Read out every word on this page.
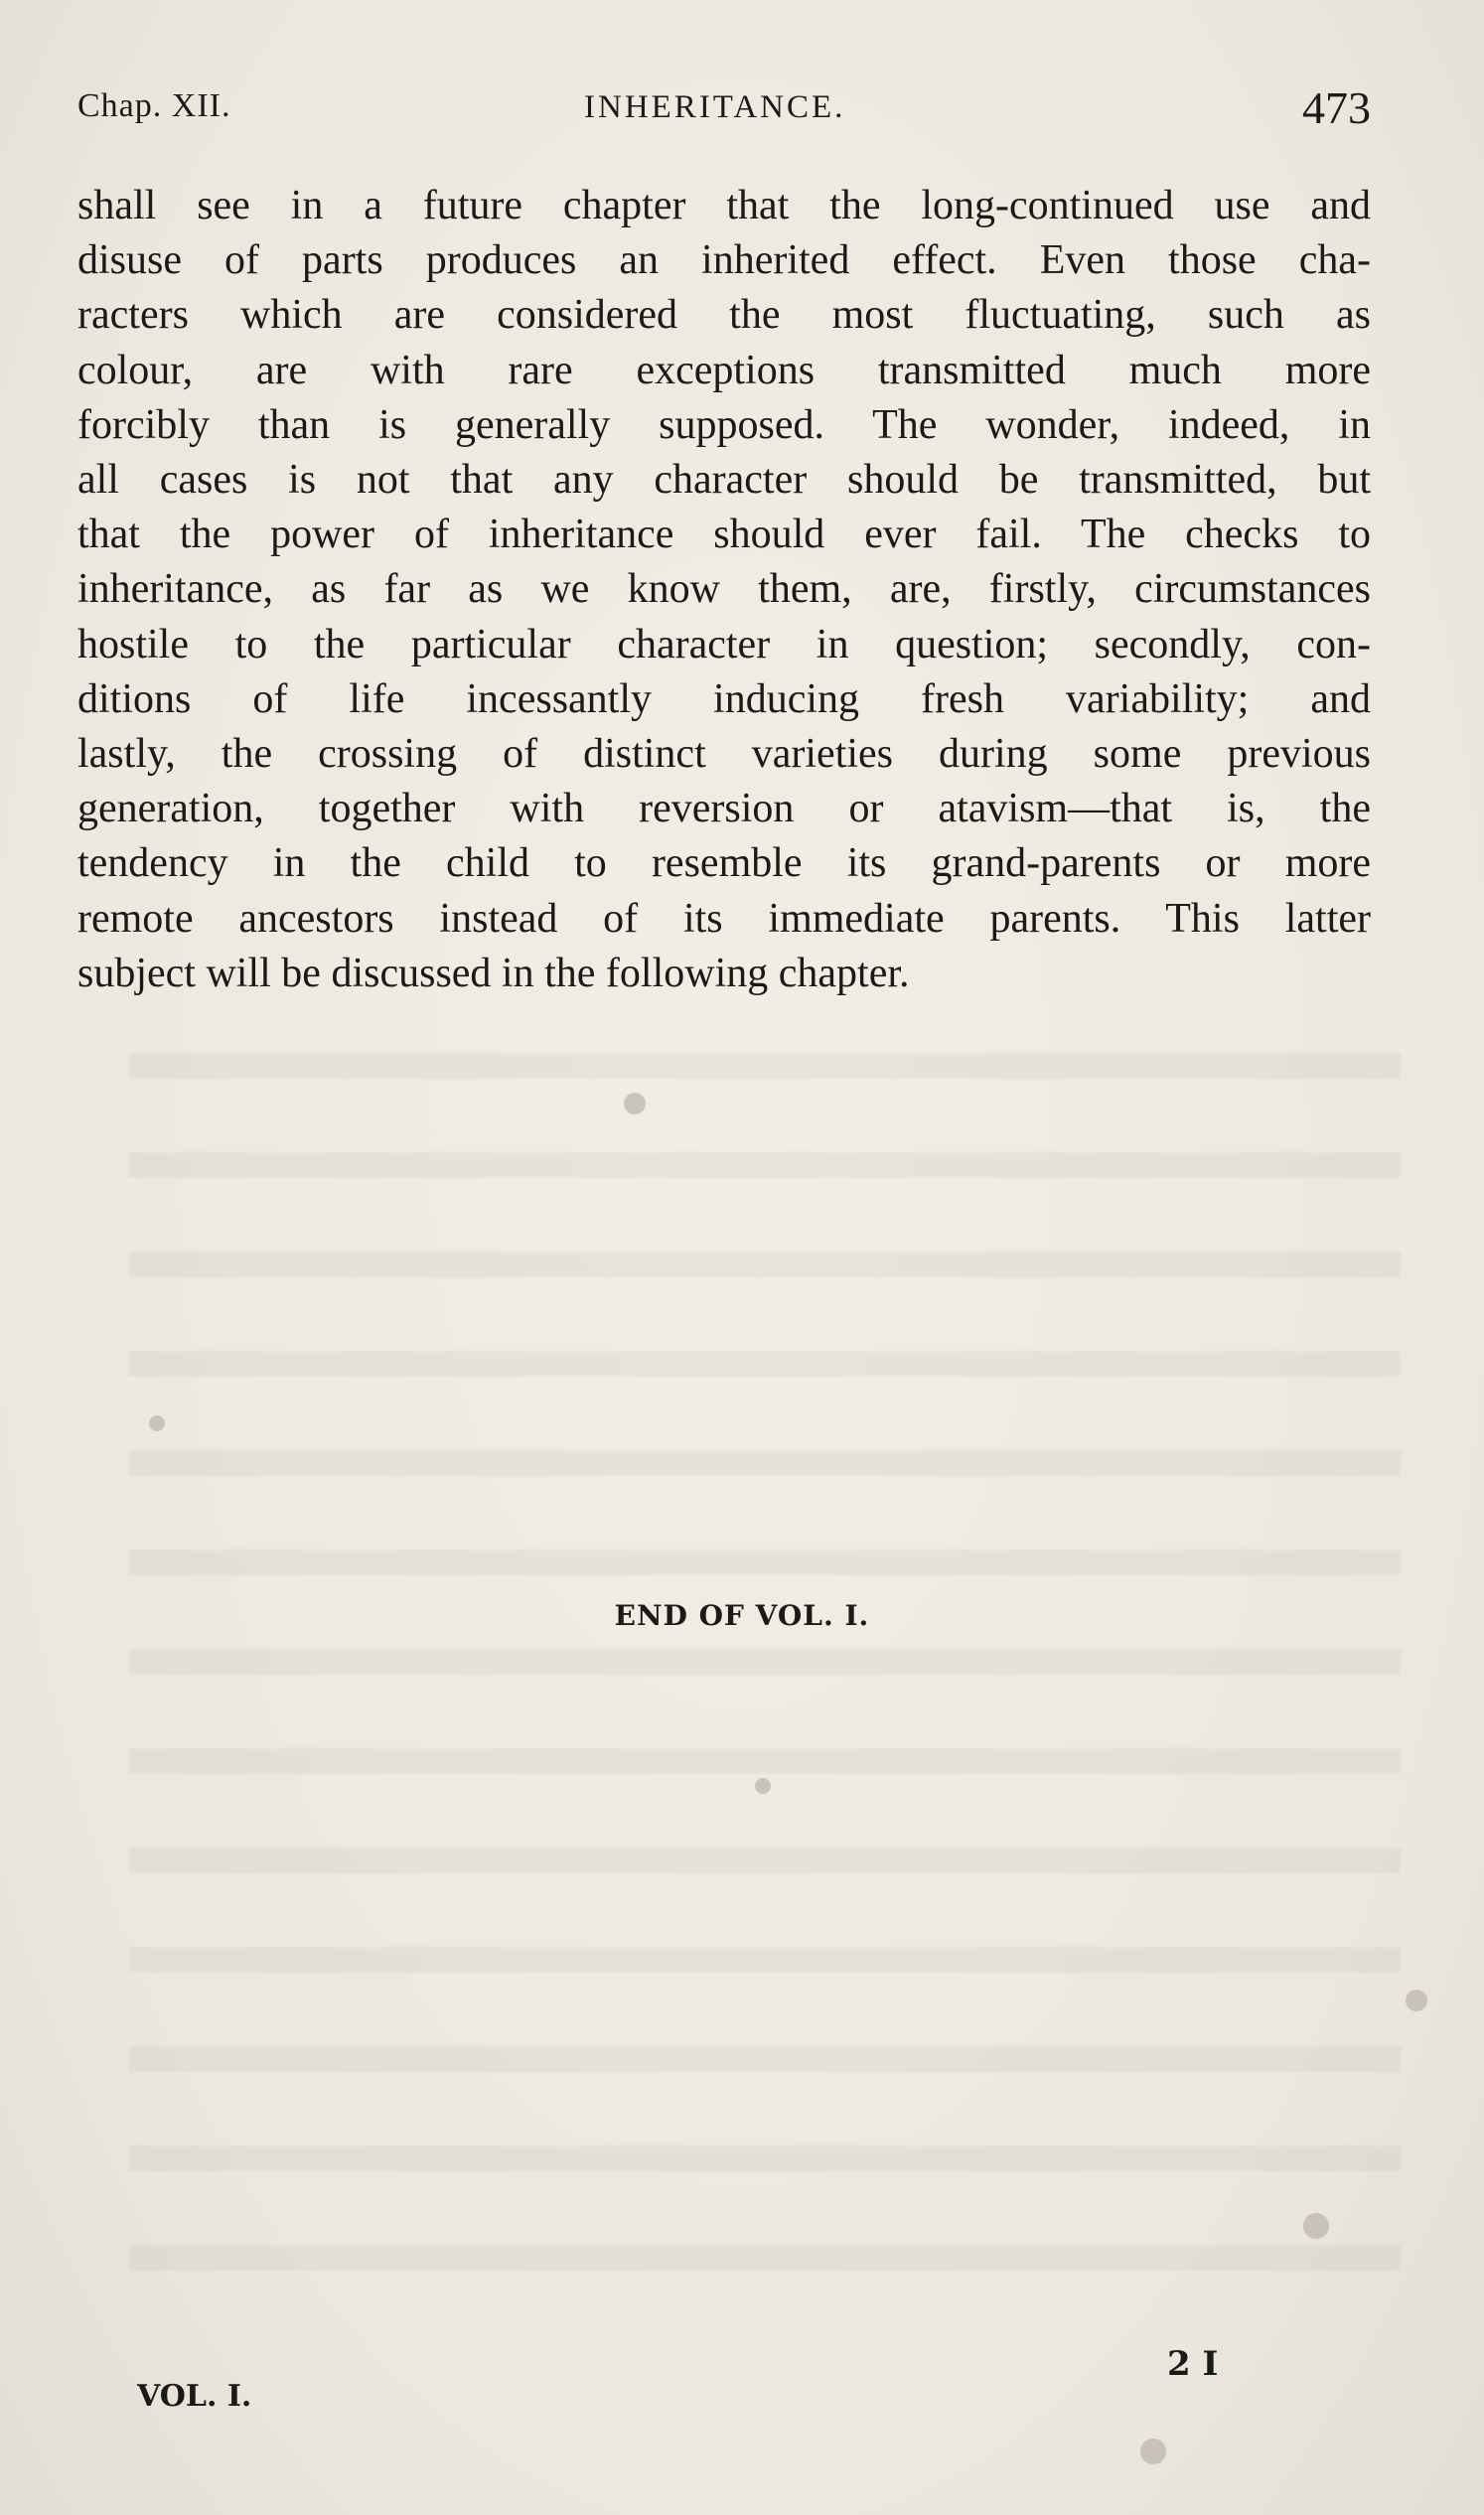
Chap. XII.	INHERITANCE.	473
shall see in a future chapter that the long-continued use and
disuse of parts produces an inherited effect. Even those cha-
racters which are considered the most fluctuating, such as
colour, are with rare exceptions transmitted much more
forcibly than is generally supposed. The wonder, indeed, in
all cases is not that any character should be transmitted, but
that the power of inheritance should ever fail. The checks to
inheritance, as far as we know them, are, firstly, circumstances
hostile to the particular character in question; secondly, con-
ditions of life incessantly inducing fresh variability; and
lastly, the crossing of distinct varieties during some previous
generation, together with reversion or atavism—that is, the
tendency in the child to resemble its grand-parents or more
remote ancestors instead of its immediate parents. This latter
subject will be discussed in the following chapter.
END OF VOL. I.
VOL. I.
2 I
